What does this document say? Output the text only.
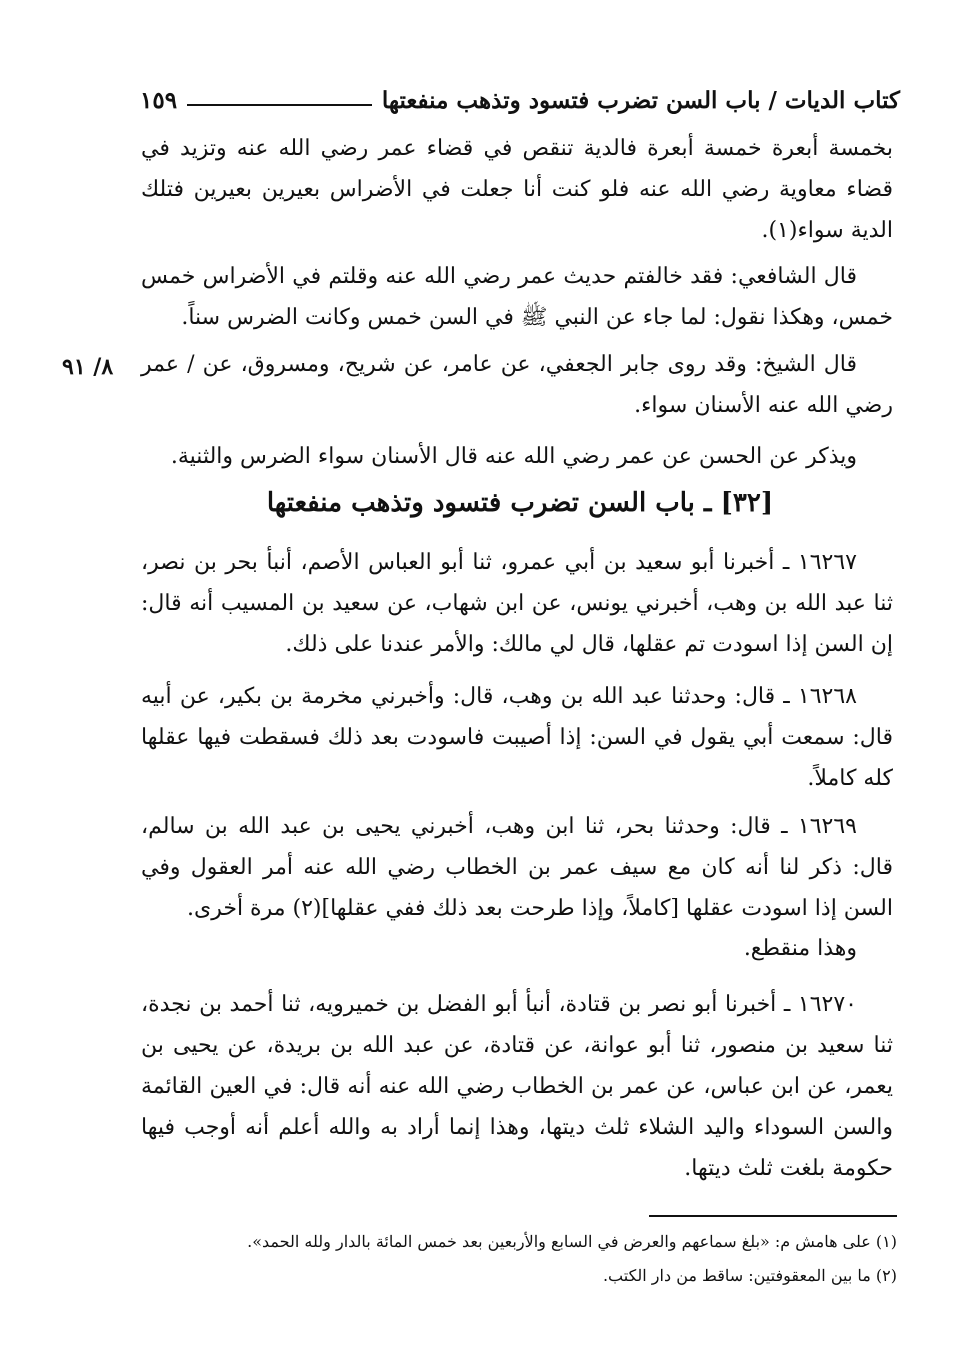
كتاب الديات / باب السن تضرب فتسود وتذهب منفعتها
١٥٩
بخمسة أبعرة خمسة أبعرة فالدية تنقص في قضاء عمر رضي الله عنه وتزيد في قضاء معاوية رضي الله عنه فلو كنت أنا جعلت في الأضراس بعيرين بعيرين فتلك الدية سواء(١).
قال الشافعي: فقد خالفتم حديث عمر رضي الله عنه وقلتم في الأضراس خمس خمس، وهكذا نقول: لما جاء عن النبي ﷺ في السن خمس وكانت الضرس سناً.
قال الشيخ: وقد روى جابر الجعفي، عن عامر، عن شريح، ومسروق، عن / عمر رضي الله عنه الأسنان سواء.
٨/ ٩١
ويذكر عن الحسن عن عمر رضي الله عنه قال الأسنان سواء الضرس والثنية.
[٣٢] ـ باب السن تضرب فتسود وتذهب منفعتها
١٦٢٦٧ ـ أخبرنا أبو سعيد بن أبي عمرو، ثنا أبو العباس الأصم، أنبأ بحر بن نصر، ثنا عبد الله بن وهب، أخبرني يونس، عن ابن شهاب، عن سعيد بن المسيب أنه قال: إن السن إذا اسودت تم عقلها، قال لي مالك: والأمر عندنا على ذلك.
١٦٢٦٨ ـ قال: وحدثنا عبد الله بن وهب، قال: وأخبرني مخرمة بن بكير، عن أبيه قال: سمعت أبي يقول في السن: إذا أصيبت فاسودت بعد ذلك فسقطت فيها عقلها كله كاملاً.
١٦٢٦٩ ـ قال: وحدثنا بحر، ثنا ابن وهب، أخبرني يحيى بن عبد الله بن سالم، قال: ذكر لنا أنه كان مع سيف عمر بن الخطاب رضي الله عنه أمر العقول وفي السن إذا اسودت عقلها [كاملاً، وإذا طرحت بعد ذلك ففي عقلها](٢) مرة أخرى.
وهذا منقطع.
١٦٢٧٠ ـ أخبرنا أبو نصر بن قتادة، أنبأ أبو الفضل بن خميرويه، ثنا أحمد بن نجدة، ثنا سعيد بن منصور، ثنا أبو عوانة، عن قتادة، عن عبد الله بن بريدة، عن يحيى بن يعمر، عن ابن عباس، عن عمر بن الخطاب رضي الله عنه أنه قال: في العين القائمة والسن السوداء واليد الشلاء ثلث ديتها، وهذا إنما أراد به والله أعلم أنه أوجب فيها حكومة بلغت ثلث ديتها.
(١) على هامش م: «بلغ سماعهم والعرض في السابع والأربعين بعد خمس المائة بالدار ولله الحمد».
(٢) ما بين المعقوفتين: ساقط من دار الكتب.
